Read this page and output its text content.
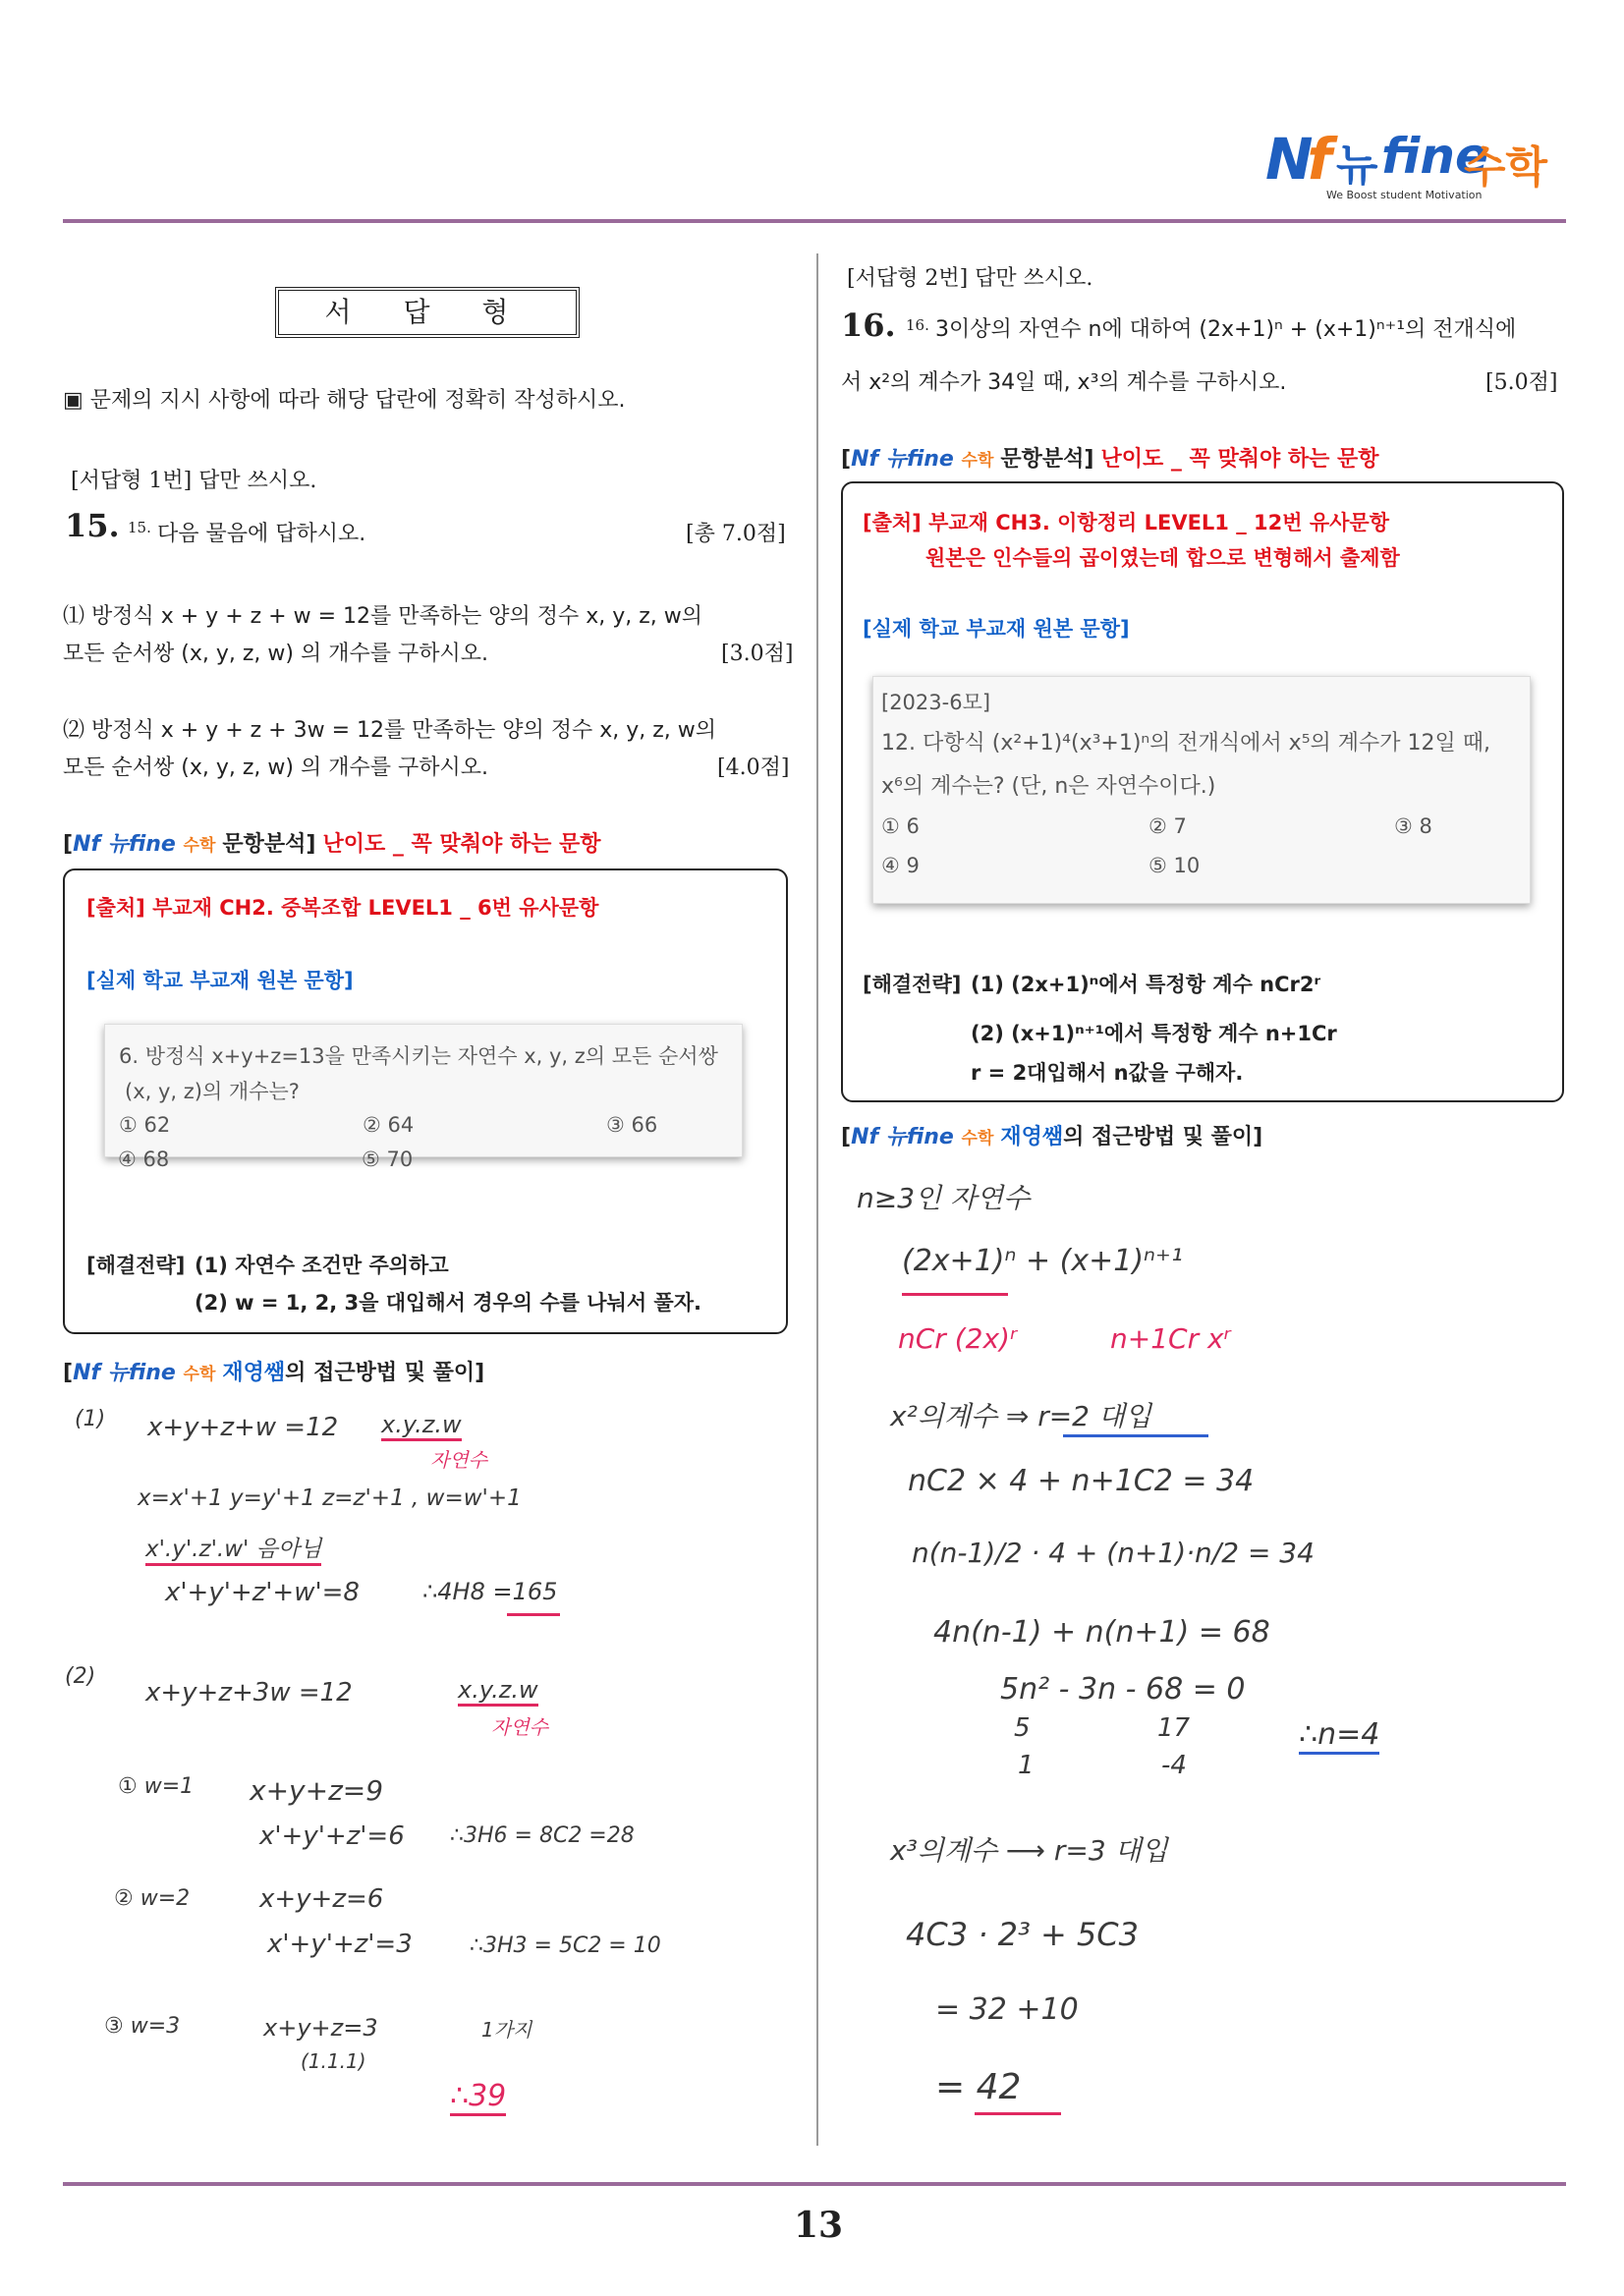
Nf 뉴 fine
수학
We Boost student Motivation
서 답 형
▣ 문제의 지시 사항에 따라 해당 답란에 정확히 작성하시오.
[서답형 1번] 답만 쓰시오.
15. 15. 다음 물음에 답하시오.	[총 7.0점]
⑴ 방정식 x + y + z + w = 12를 만족하는 양의 정수 x, y, z, w의
모든 순서쌍 (x, y, z, w) 의 개수를 구하시오.	[3.0점]
⑵ 방정식 x + y + z + 3w = 12를 만족하는 양의 정수 x, y, z, w의
모든 순서쌍 (x, y, z, w) 의 개수를 구하시오.	[4.0점]
[Nf 뉴fine 수학 문항분석] 난이도 _ 꼭 맞춰야 하는 문항
[출처] 부교재 CH2. 중복조합 LEVEL1 _ 6번 유사문항
[실제 학교 부교재 원본 문항]
6. 방정식 x+y+z=13을 만족시키는 자연수 x, y, z의 모든 순서쌍
(x, y, z)의 개수는?
① 62	② 64	③ 66
④ 68	⑤ 70
[해결전략] (1) 자연수 조건만 주의하고
(2) w = 1, 2, 3을 대입해서 경우의 수를 나눠서 풀자.
[Nf 뉴fine 수학 재영쌤의 접근방법 및 풀이]
(1) x+y+z+w =12 x.y.z.w
자연수
x=x'+1 y=y'+1 z=z'+1 , w=w'+1
x'.y'.z'.w' 음아님
x'+y'+z'+w'=8	∴4H8 =165
(2)
x+y+z+3w =12	x.y.z.w
자연수
① w=1 x+y+z=9
x'+y'+z'=6 ∴3H6 = 8C2 =28
② w=2	x+y+z=6
x'+y'+z'=3	∴3H3 = 5C2 = 10
③ w=3	x+y+z=3
(1.1.1)
1가지
∴39
[서답형 2번] 답만 쓰시오.
16. 16. 3이상의 자연수 n에 대하여 (2x+1)ⁿ + (x+1)ⁿ⁺¹의 전개식에
서 x²의 계수가 34일 때, x³의 계수를 구하시오.	[5.0점]
[Nf 뉴fine 수학 문항분석] 난이도 _ 꼭 맞춰야 하는 문항
[출처] 부교재 CH3. 이항정리 LEVEL1 _ 12번 유사문항
원본은 인수들의 곱이였는데 합으로 변형해서 출제함
[실제 학교 부교재 원본 문항]
[2023-6모]
12. 다항식 (x²+1)⁴(x³+1)ⁿ의 전개식에서 x⁵의 계수가 12일 때,
x⁶의 계수는? (단, n은 자연수이다.)
① 6	② 7	③ 8
④ 9	⑤ 10
[해결전략] (1) (2x+1)ⁿ에서 특정항 계수 nCr2ʳ
(2) (x+1)ⁿ⁺¹에서 특정항 계수 n+1Cr
r = 2대입해서 n값을 구해자.
[Nf 뉴fine 수학 재영쌤의 접근방법 및 풀이]
n≥3인 자연수
(2x+1)ⁿ + (x+1)ⁿ⁺¹
nCr (2x)ʳ	n+1Cr xʳ
x²의계수 ⇒ r=2 대입
nC2 × 4 + n+1C2 = 34
n(n-1)/2 · 4 + (n+1)·n/2 = 34
4n(n-1) + n(n+1) = 68
5n² - 3n - 68 = 0
5	17
1	-4
∴n=4
x³의계수 ⟶ r=3 대입
4C3 · 2³ + 5C3
= 32 +10
= 42
13
